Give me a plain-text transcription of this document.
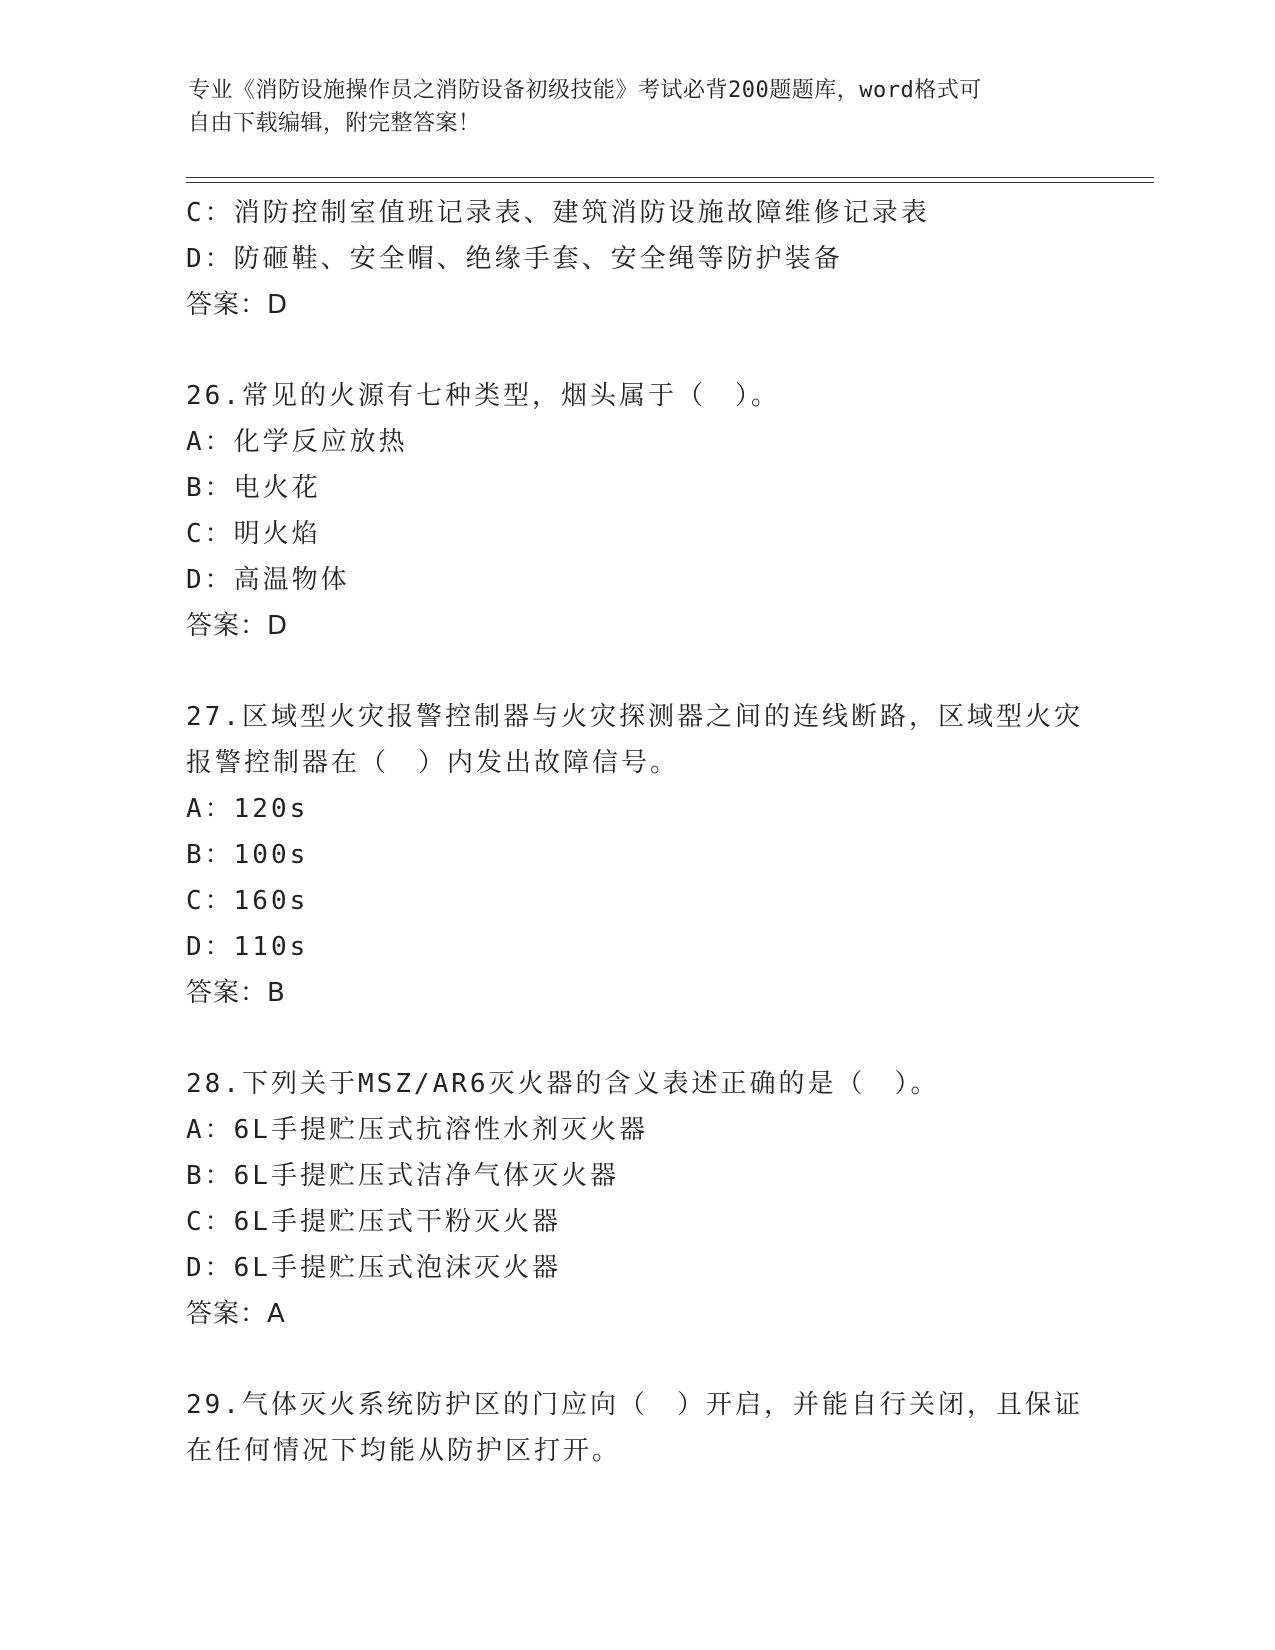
专业《消防设施操作员之消防设备初级技能》考试必背200题题库，word格式可
自由下载编辑，附完整答案！
C：消防控制室值班记录表、建筑消防设施故障维修记录表
D：防砸鞋、安全帽、绝缘手套、安全绳等防护装备
答案：D
26.常见的火源有七种类型，烟头属于（　）。
A：化学反应放热
B：电火花
C：明火焰
D：高温物体
答案：D
27.区域型火灾报警控制器与火灾探测器之间的连线断路，区域型火灾
报警控制器在（　）内发出故障信号。
A：120s
B：100s
C：160s
D：110s
答案：B
28.下列关于MSZ/AR6灭火器的含义表述正确的是（　）。
A：6L手提贮压式抗溶性水剂灭火器
B：6L手提贮压式洁净气体灭火器
C：6L手提贮压式干粉灭火器
D：6L手提贮压式泡沫灭火器
答案：A
29.气体灭火系统防护区的门应向（　）开启，并能自行关闭，且保证
在任何情况下均能从防护区打开。
